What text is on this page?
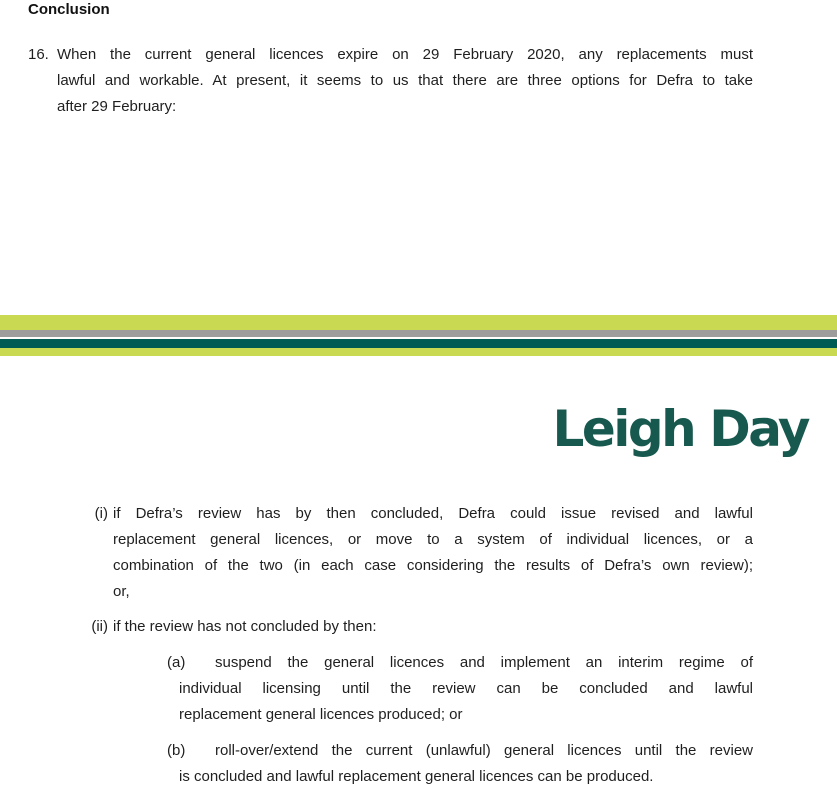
Conclusion
16. When the current general licences expire on 29 February 2020, any replacements must
lawful and workable. At present, it seems to us that there are three options for Defra to take
after 29 February:
Leigh Day
(i) if Defra’s review has by then concluded, Defra could issue revised and lawful
replacement general licences, or move to a system of individual licences, or a
combination of the two (in each case considering the results of Defra’s own review);
or,
(ii) if the review has not concluded by then:
(a)	suspend the general licences and implement an interim regime of
individual licensing until the review can be concluded and lawful
replacement general licences produced; or
(b)	roll-over/extend the current (unlawful) general licences until the review
is concluded and lawful replacement general licences can be produced.
